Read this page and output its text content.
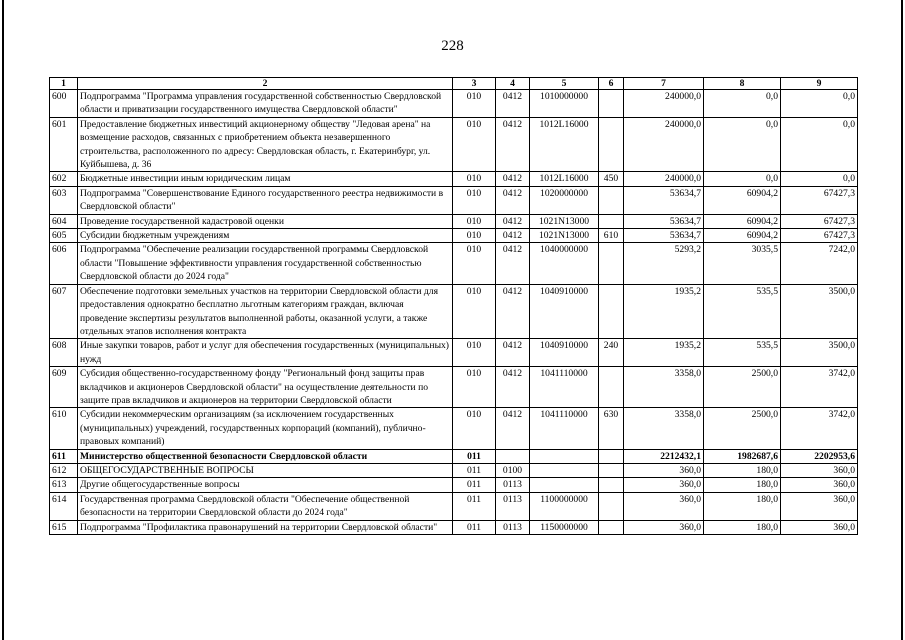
228
1	2	3	4	5	6	7	8	9
600	Подпрограмма "Программа управления государственной собственностью Свердловской области и приватизации государственного имущества Свердловской области"	010	0412	1010000000		240000,0	0,0	0,0
601	Предоставление бюджетных инвестиций акционерному обществу "Ледовая арена" на возмещение расходов, связанных с приобретением объекта незавершенного строительства, расположенного по адресу: Свердловская область, г. Екатеринбург, ул. Куйбышева, д. 36	010	0412	1012L16000		240000,0	0,0	0,0
602	Бюджетные инвестиции иным юридическим лицам	010	0412	1012L16000	450	240000,0	0,0	0,0
603	Подпрограмма "Совершенствование Единого государственного реестра недвижимости в Свердловской области"	010	0412	1020000000		53634,7	60904,2	67427,3
604	Проведение государственной кадастровой оценки	010	0412	1021N13000		53634,7	60904,2	67427,3
605	Субсидии бюджетным учреждениям	010	0412	1021N13000	610	53634,7	60904,2	67427,3
606	Подпрограмма "Обеспечение реализации государственной программы Свердловской области "Повышение эффективности управления государственной собственностью Свердловской области до 2024 года"	010	0412	1040000000		5293,2	3035,5	7242,0
607	Обеспечение подготовки земельных участков на территории Свердловской области для предоставления однократно бесплатно льготным категориям граждан, включая проведение экспертизы результатов выполненной работы, оказанной услуги, а также отдельных этапов исполнения контракта	010	0412	1040910000		1935,2	535,5	3500,0
608	Иные закупки товаров, работ и услуг для обеспечения государственных (муниципальных) нужд	010	0412	1040910000	240	1935,2	535,5	3500,0
609	Субсидия общественно-государственному фонду "Региональный фонд защиты прав вкладчиков и акционеров Свердловской области" на осуществление деятельности по защите прав вкладчиков и акционеров на территории Свердловской области	010	0412	1041110000		3358,0	2500,0	3742,0
610	Субсидии некоммерческим организациям (за исключением государственных (муниципальных) учреждений, государственных корпораций (компаний), публично-правовых компаний)	010	0412	1041110000	630	3358,0	2500,0	3742,0
611	Министерство общественной безопасности Свердловской области	011				2212432,1	1982687,6	2202953,6
612	ОБЩЕГОСУДАРСТВЕННЫЕ ВОПРОСЫ	011	0100			360,0	180,0	360,0
613	Другие общегосударственные вопросы	011	0113			360,0	180,0	360,0
614	Государственная программа Свердловской области "Обеспечение общественной безопасности на территории Свердловской области до 2024 года"	011	0113	1100000000		360,0	180,0	360,0
615	Подпрограмма "Профилактика правонарушений на территории Свердловской области"	011	0113	1150000000		360,0	180,0	360,0
